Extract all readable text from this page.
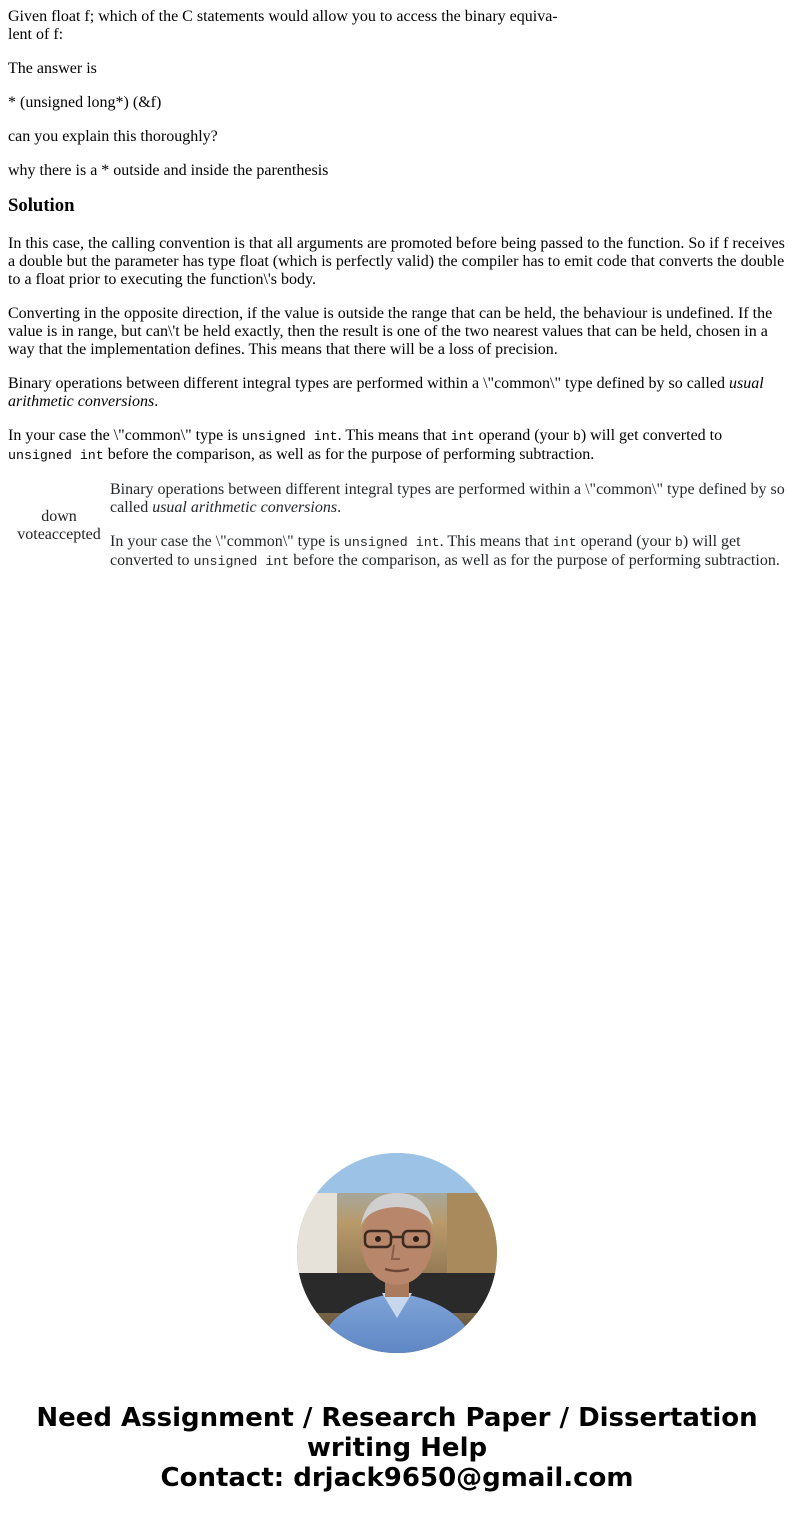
Given float f; which of the C statements would allow you to access the binary equiva-
lent of f:

The answer is

* (unsigned long*) (&f)

can you explain this thoroughly?

why there is a * outside and inside the parenthesis

Solution

In this case, the calling convention is that all arguments are promoted before being passed to the function. So if f receives a double but the parameter has type float (which is perfectly valid) the compiler has to emit code that converts the double to a float prior to executing the function\'s body.

Converting in the opposite direction, if the value is outside the range that can be held, the behaviour is undefined. If the value is in range, but can\'t be held exactly, then the result is one of the two nearest values that can be held, chosen in a way that the implementation defines. This means that there will be a loss of precision.

Binary operations between different integral types are performed within a \"common\" type defined by so called usual arithmetic conversions.

In your case the \"common\" type is unsigned int. This means that int operand (your b) will get converted to unsigned int before the comparison, as well as for the purpose of performing subtraction.

down
voteaccepted

Binary operations between different integral types are performed within a \"common\" type defined by so called usual arithmetic conversions.

In your case the \"common\" type is unsigned int. This means that int operand (your b) will get converted to unsigned int before the comparison, as well as for the purpose of performing subtraction.

Need Assignment / Research Paper / Dissertation
writing Help
Contact: drjack9650@gmail.com
